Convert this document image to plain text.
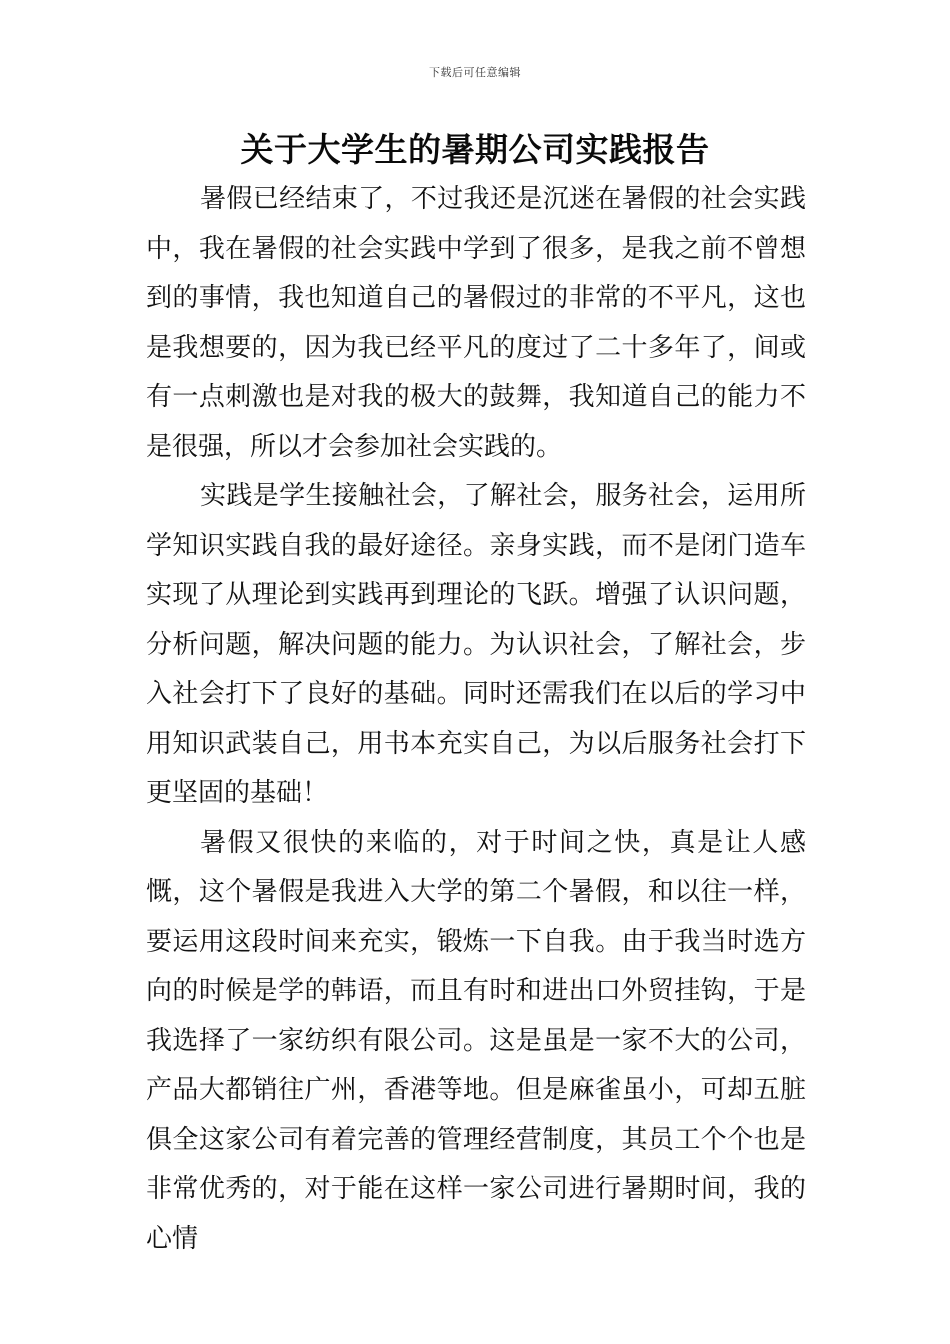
下载后可任意编辑
关于大学生的暑期公司实践报告

暑假已经结束了，不过我还是沉迷在暑假的社会实践中，我在暑假的社会实践中学到了很多，是我之前不曾想到的事情，我也知道自己的暑假过的非常的不平凡，这也是我想要的，因为我已经平凡的度过了二十多年了，间或有一点刺激也是对我的极大的鼓舞，我知道自己的能力不是很强，所以才会参加社会实践的。

实践是学生接触社会，了解社会，服务社会，运用所学知识实践自我的最好途径。亲身实践，而不是闭门造车实现了从理论到实践再到理论的飞跃。增强了认识问题，分析问题，解决问题的能力。为认识社会，了解社会，步入社会打下了良好的基础。同时还需我们在以后的学习中用知识武装自己，用书本充实自己，为以后服务社会打下更坚固的基础！

暑假又很快的来临的，对于时间之快，真是让人感慨，这个暑假是我进入大学的第二个暑假，和以往一样，要运用这段时间来充实，锻炼一下自我。由于我当时选方向的时候是学的韩语，而且有时和进出口外贸挂钩，于是我选择了一家纺织有限公司。这是虽是一家不大的公司，产品大都销往广州，香港等地。但是麻雀虽小，可却五脏俱全这家公司有着完善的管理经营制度，其员工个个也是非常优秀的，对于能在这样一家公司进行暑期时间，我的心情
